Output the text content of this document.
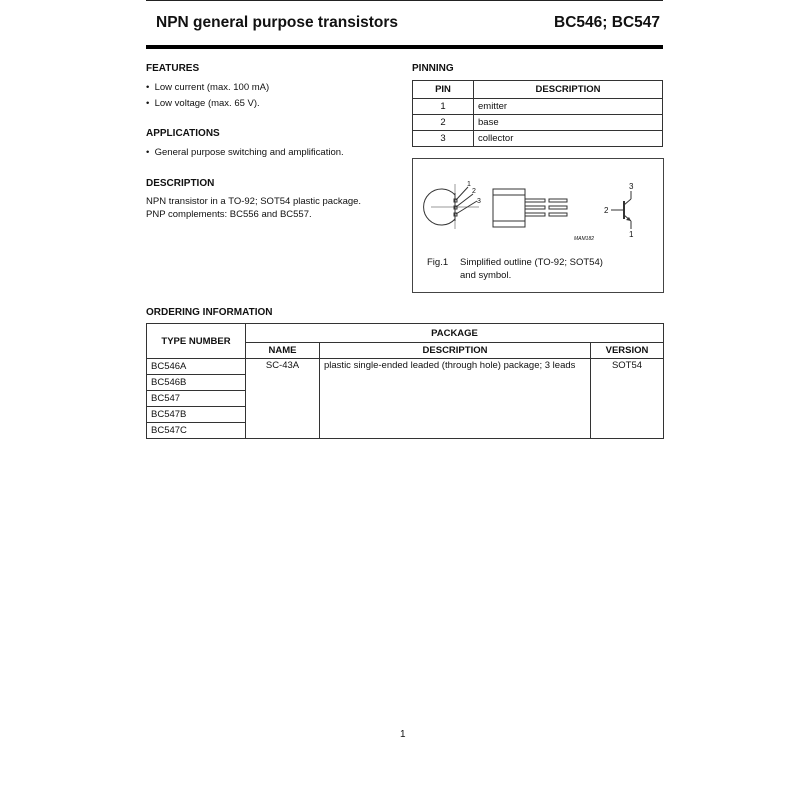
NPN general purpose transistors	BC546; BC547
FEATURES
•  Low current (max. 100 mA)
•  Low voltage (max. 65 V).
APPLICATIONS
•  General purpose switching and amplification.
DESCRIPTION
NPN transistor in a TO-92; SOT54 plastic package.
PNP complements: BC556 and BC557.
PINNING
PIN	DESCRIPTION
1	emitter
2	base
3	collector
1
2
3
2
3
1
MAM182
Fig.1 Simplified outline (TO-92; SOT54)
and symbol.
ORDERING INFORMATION
TYPE NUMBER	PACKAGE		
	NAME	DESCRIPTION	VERSION
BC546A	SC-43A	plastic single-ended leaded (through hole) package; 3 leads	SOT54
BC546B			
BC547			
BC547B			
BC547C			
1
